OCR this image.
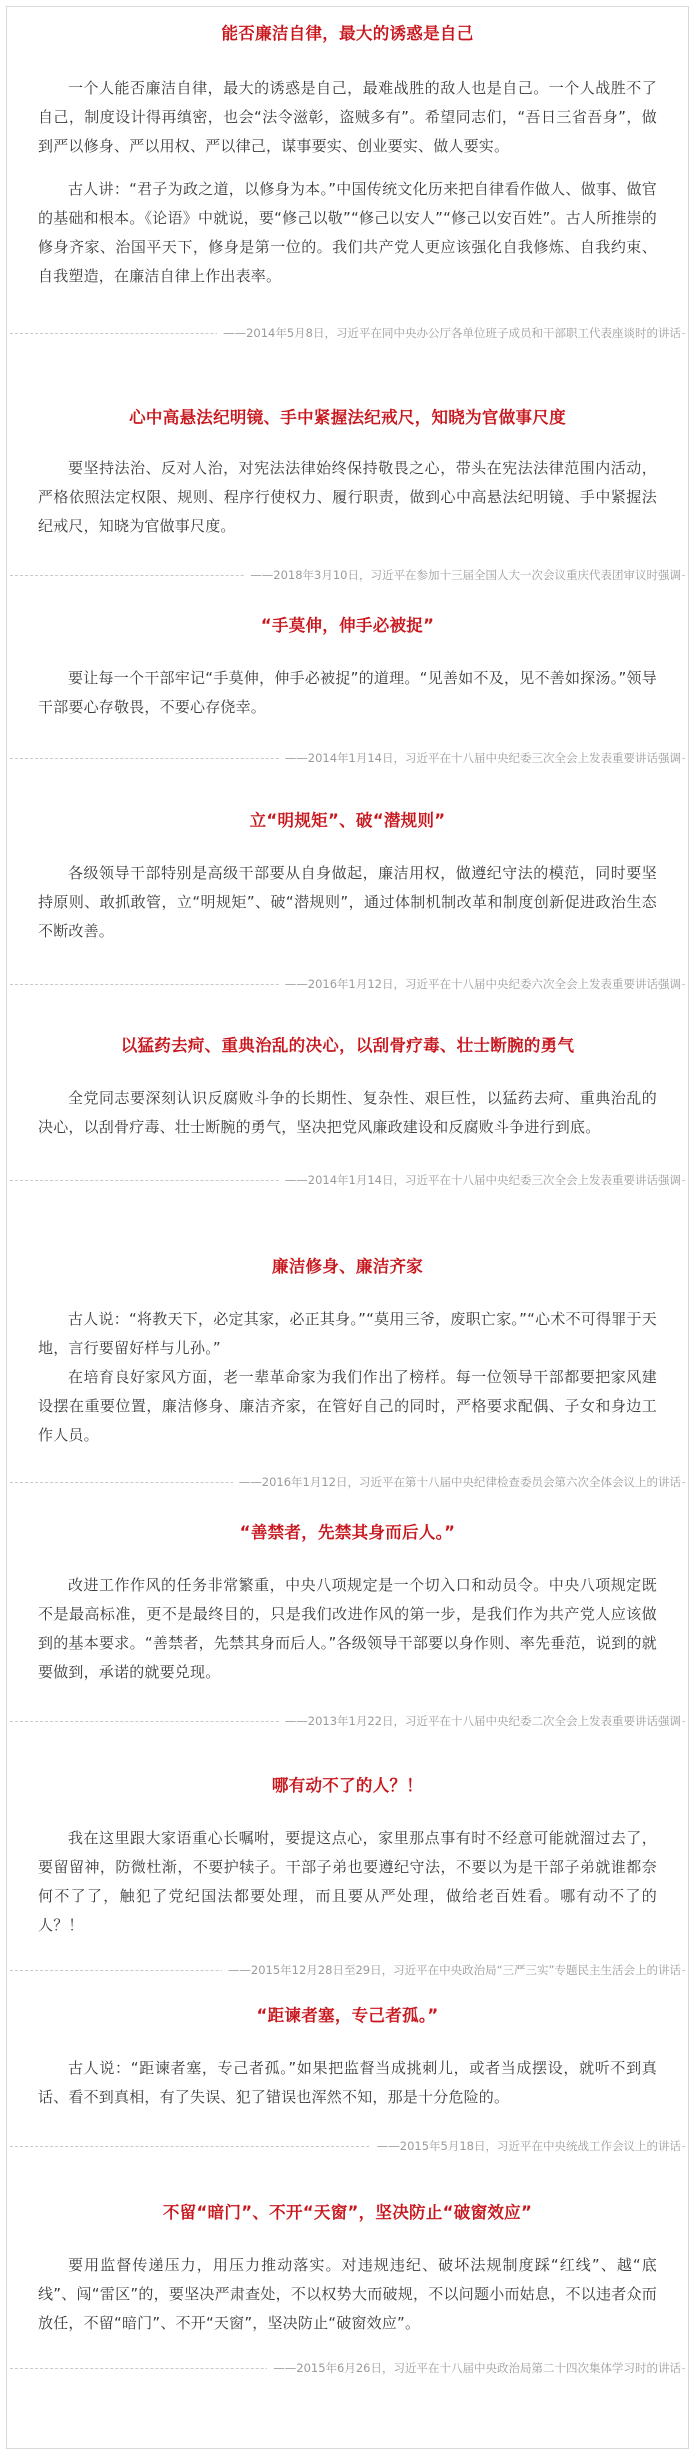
能否廉洁自律，最大的诱惑是自己

一个人能否廉洁自律，最大的诱惑是自己，最难战胜的敌人也是自己。一个人战胜不了自己，制度设计得再缜密，也会“法令滋彰，盗贼多有”。希望同志们，“吾日三省吾身”，做到严以修身、严以用权、严以律己，谋事要实、创业要实、做人要实。

古人讲：“君子为政之道，以修身为本。”中国传统文化历来把自律看作做人、做事、做官的基础和根本。《论语》中就说，要“修己以敬”“修己以安人”“修己以安百姓”。古人所推崇的修身齐家、治国平天下，修身是第一位的。我们共产党人更应该强化自我修炼、自我约束、自我塑造，在廉洁自律上作出表率。

——2014年5月8日，习近平在同中央办公厅各单位班子成员和干部职工代表座谈时的讲话
心中高悬法纪明镜、手中紧握法纪戒尺，知晓为官做事尺度

要坚持法治、反对人治，对宪法法律始终保持敬畏之心，带头在宪法法律范围内活动，严格依照法定权限、规则、程序行使权力、履行职责，做到心中高悬法纪明镜、手中紧握法纪戒尺，知晓为官做事尺度。

——2018年3月10日，习近平在参加十三届全国人大一次会议重庆代表团审议时强调
“手莫伸，伸手必被捉”

要让每一个干部牢记“手莫伸，伸手必被捉”的道理。“见善如不及，见不善如探汤。”领导干部要心存敬畏，不要心存侥幸。

——2014年1月14日，习近平在十八届中央纪委三次全会上发表重要讲话强调
立“明规矩”、破“潜规则”

各级领导干部特别是高级干部要从自身做起，廉洁用权，做遵纪守法的模范，同时要坚持原则、敢抓敢管，立“明规矩”、破“潜规则”，通过体制机制改革和制度创新促进政治生态不断改善。

——2016年1月12日，习近平在十八届中央纪委六次全会上发表重要讲话强调
以猛药去疴、重典治乱的决心，以刮骨疗毒、壮士断腕的勇气

全党同志要深刻认识反腐败斗争的长期性、复杂性、艰巨性，以猛药去疴、重典治乱的决心，以刮骨疗毒、壮士断腕的勇气，坚决把党风廉政建设和反腐败斗争进行到底。

——2014年1月14日，习近平在十八届中央纪委三次全会上发表重要讲话强调
廉洁修身、廉洁齐家

古人说：“将教天下，必定其家，必正其身。”“莫用三爷，废职亡家。”“心术不可得罪于天地，言行要留好样与儿孙。”

在培育良好家风方面，老一辈革命家为我们作出了榜样。每一位领导干部都要把家风建设摆在重要位置，廉洁修身、廉洁齐家，在管好自己的同时，严格要求配偶、子女和身边工作人员。

——2016年1月12日，习近平在第十八届中央纪律检查委员会第六次全体会议上的讲话
“善禁者，先禁其身而后人。”

改进工作作风的任务非常繁重，中央八项规定是一个切入口和动员令。中央八项规定既不是最高标准，更不是最终目的，只是我们改进作风的第一步，是我们作为共产党人应该做到的基本要求。“善禁者，先禁其身而后人。”各级领导干部要以身作则、率先垂范，说到的就要做到，承诺的就要兑现。

——2013年1月22日，习近平在十八届中央纪委二次全会上发表重要讲话强调
哪有动不了的人？！

我在这里跟大家语重心长嘱咐，要提这点心，家里那点事有时不经意可能就溜过去了，要留留神，防微杜渐，不要护犊子。干部子弟也要遵纪守法，不要以为是干部子弟就谁都奈何不了了，触犯了党纪国法都要处理，而且要从严处理，做给老百姓看。哪有动不了的人？！

——2015年12月28日至29日，习近平在中央政治局“三严三实”专题民主生活会上的讲话
“距谏者塞，专己者孤。”

古人说：“距谏者塞，专己者孤。”如果把监督当成挑刺儿，或者当成摆设，就听不到真话、看不到真相，有了失误、犯了错误也浑然不知，那是十分危险的。

——2015年5月18日，习近平在中央统战工作会议上的讲话
不留“暗门”、不开“天窗”，坚决防止“破窗效应”

要用监督传递压力，用压力推动落实。对违规违纪、破坏法规制度踩“红线”、越“底线”、闯“雷区”的，要坚决严肃查处，不以权势大而破规，不以问题小而姑息，不以违者众而放任，不留“暗门”、不开“天窗”，坚决防止“破窗效应”。

——2015年6月26日，习近平在十八届中央政治局第二十四次集体学习时的讲话
